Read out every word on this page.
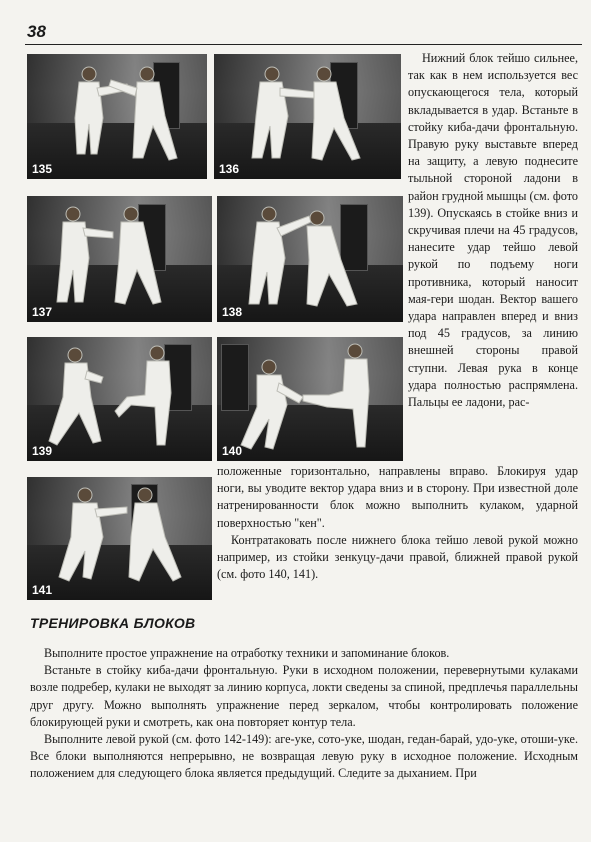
38
135	136
137	138
139	140
141

Нижний блок тейшо сильнее, так как в нем используется вес опускающегося тела, который вкладывается в удар. Встаньте в стойку киба-дачи фронтальную. Правую руку выставьте вперед на защиту, а левую поднесите тыльной стороной ладони в район грудной мышцы (см. фото 139). Опускаясь в стойке вниз и скручивая плечи на 45 градусов, нанесите удар тейшо левой рукой по подъему ноги противника, который наносит мая-гери шодан. Вектор вашего удара направлен вперед и вниз под 45 градусов, за линию внешней стороны правой ступни. Левая рука в конце удара полностью распрямлена. Пальцы ее ладони, рас-

положенные горизонтально, направлены вправо. Блокируя удар ноги, вы уводите вектор удара вниз и в сторону. При известной доле натренированности блок можно выполнить кулаком, ударной поверхностью "кен".

Контратаковать после нижнего блока тейшо левой рукой можно например, из стойки зенкуцу-дачи правой, ближней правой рукой (см. фото 140, 141).

ТРЕНИРОВКА БЛОКОВ

Выполните простое упражнение на отработку техники и запоминание блоков.

Встаньте в стойку киба-дачи фронтальную. Руки в исходном положении, перевернутыми кулаками возле подребер, кулаки не выходят за линию корпуса, локти сведены за спиной, предплечья параллельны друг другу. Можно выполнять упражнение перед зеркалом, чтобы контролировать положение блокирующей руки и смотреть, как она повторяет контур тела.

Выполните левой рукой (см. фото 142-149): аге-уке, сото-уке, шодан, гедан-барай, удо-уке, отоши-уке. Все блоки выполняются непрерывно, не возвращая левую руку в исходное положение. Исходным положением для следующего блока является предыдущий. Следите за дыханием. При
